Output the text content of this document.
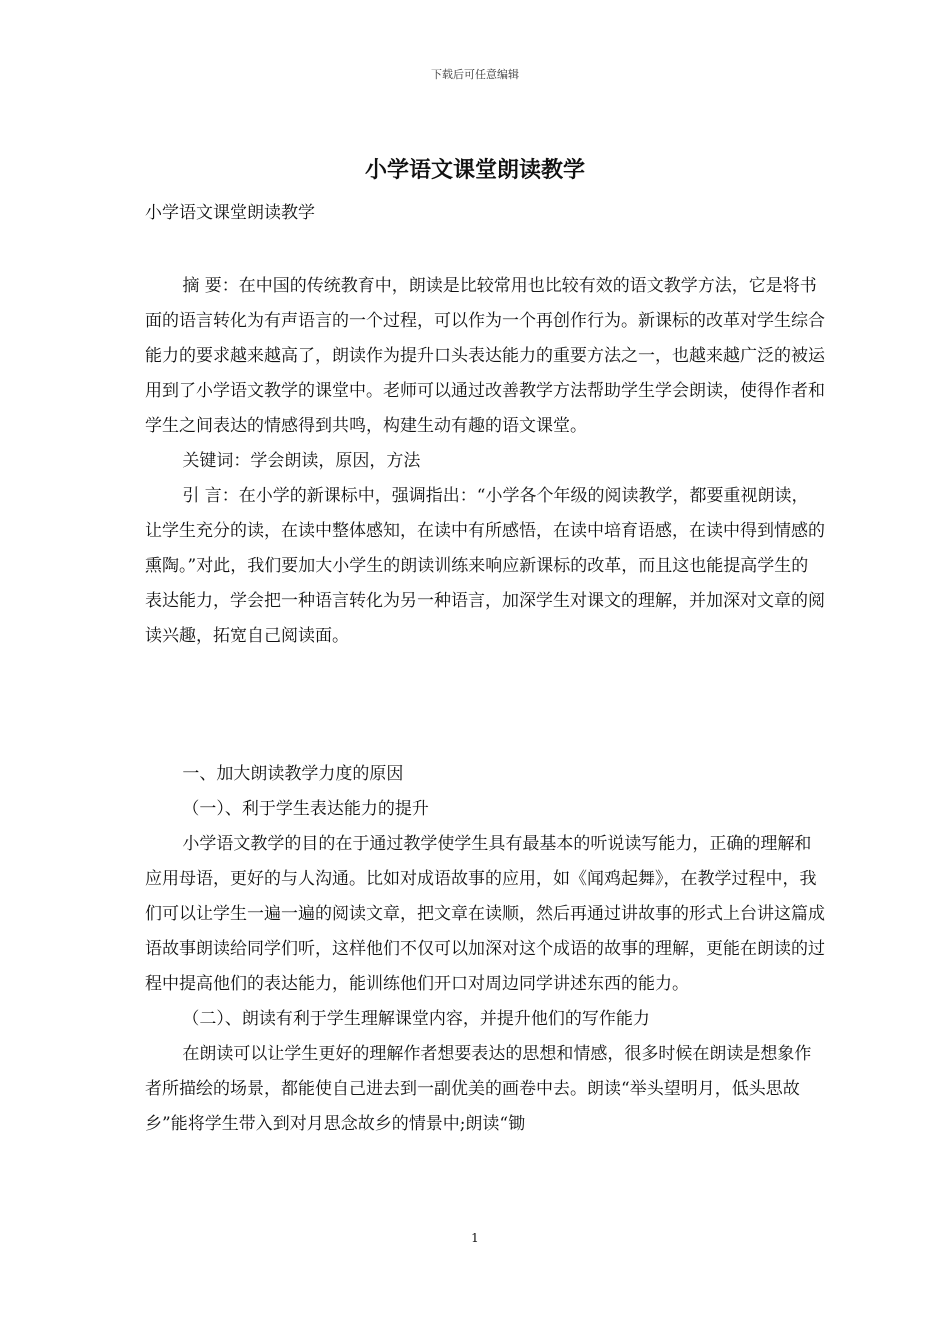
下载后可任意编辑
小学语文课堂朗读教学

小学语文课堂朗读教学

摘 要：在中国的传统教育中，朗读是比较常用也比较有效的语文教学方法，它是将书面的语言转化为有声语言的一个过程，可以作为一个再创作行为。新课标的改革对学生综合能力的要求越来越高了，朗读作为提升口头表达能力的重要方法之一，也越来越广泛的被运用到了小学语文教学的课堂中。老师可以通过改善教学方法帮助学生学会朗读，使得作者和学生之间表达的情感得到共鸣，构建生动有趣的语文课堂。

关键词：学会朗读，原因，方法

引 言：在小学的新课标中，强调指出：“小学各个年级的阅读教学，都要重视朗读，让学生充分的读，在读中整体感知，在读中有所感悟，在读中培育语感，在读中得到情感的熏陶。”对此，我们要加大小学生的朗读训练来响应新课标的改革，而且这也能提高学生的表达能力，学会把一种语言转化为另一种语言，加深学生对课文的理解，并加深对文章的阅读兴趣，拓宽自己阅读面。

一、加大朗读教学力度的原因

（一）、利于学生表达能力的提升

小学语文教学的目的在于通过教学使学生具有最基本的听说读写能力，正确的理解和应用母语，更好的与人沟通。比如对成语故事的应用，如《闻鸡起舞》，在教学过程中，我们可以让学生一遍一遍的阅读文章，把文章在读顺，然后再通过讲故事的形式上台讲这篇成语故事朗读给同学们听，这样他们不仅可以加深对这个成语的故事的理解，更能在朗读的过程中提高他们的表达能力，能训练他们开口对周边同学讲述东西的能力。

（二）、朗读有利于学生理解课堂内容，并提升他们的写作能力

在朗读可以让学生更好的理解作者想要表达的思想和情感，很多时候在朗读是想象作者所描绘的场景，都能使自己进去到一副优美的画卷中去。朗读“举头望明月，低头思故乡”能将学生带入到对月思念故乡的情景中;朗读“锄

1
